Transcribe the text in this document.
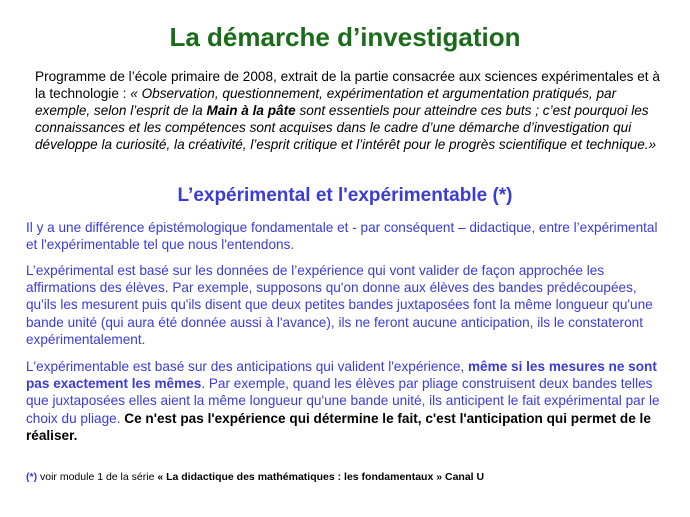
La démarche d’investigation
Programme de l’école primaire de 2008, extrait de la partie consacrée aux sciences expérimentales et à la technologie : « Observation, questionnement, expérimentation et argumentation pratiqués, par exemple, selon l’esprit de la Main à la pâte sont essentiels pour atteindre ces buts ; c’est pourquoi les connaissances et les compétences sont acquises dans le cadre d’une démarche d’investigation qui développe la curiosité, la créativité, l’esprit critique et l’intérêt pour le progrès scientifique et technique.»
L’expérimental et l'expérimentable (*)
Il y a une différence épistémologique fondamentale et - par conséquent – didactique, entre l’expérimental et l'expérimentable tel que nous l'entendons.
L’expérimental est basé sur les données de l’expérience qui vont valider de façon approchée les affirmations des élèves. Par exemple, supposons qu'on donne aux élèves des bandes prédécoupées, qu'ils les mesurent puis qu'ils disent que deux petites bandes juxtaposées font la même longueur qu'une bande unité (qui aura été donnée aussi à l'avance), ils ne feront aucune anticipation, ils le constateront expérimentalement.
L'expérimentable est basé sur des anticipations qui valident l'expérience, même si les mesures ne sont pas exactement les mêmes. Par exemple, quand les élèves par pliage construisent deux bandes telles que juxtaposées elles aient la même longueur qu'une bande unité, ils anticipent le fait expérimental par le choix du pliage. Ce n'est pas l'expérience qui détermine le fait, c'est l'anticipation qui permet de le réaliser.
(*) voir module 1 de la série « La didactique des mathématiques : les fondamentaux » Canal U
